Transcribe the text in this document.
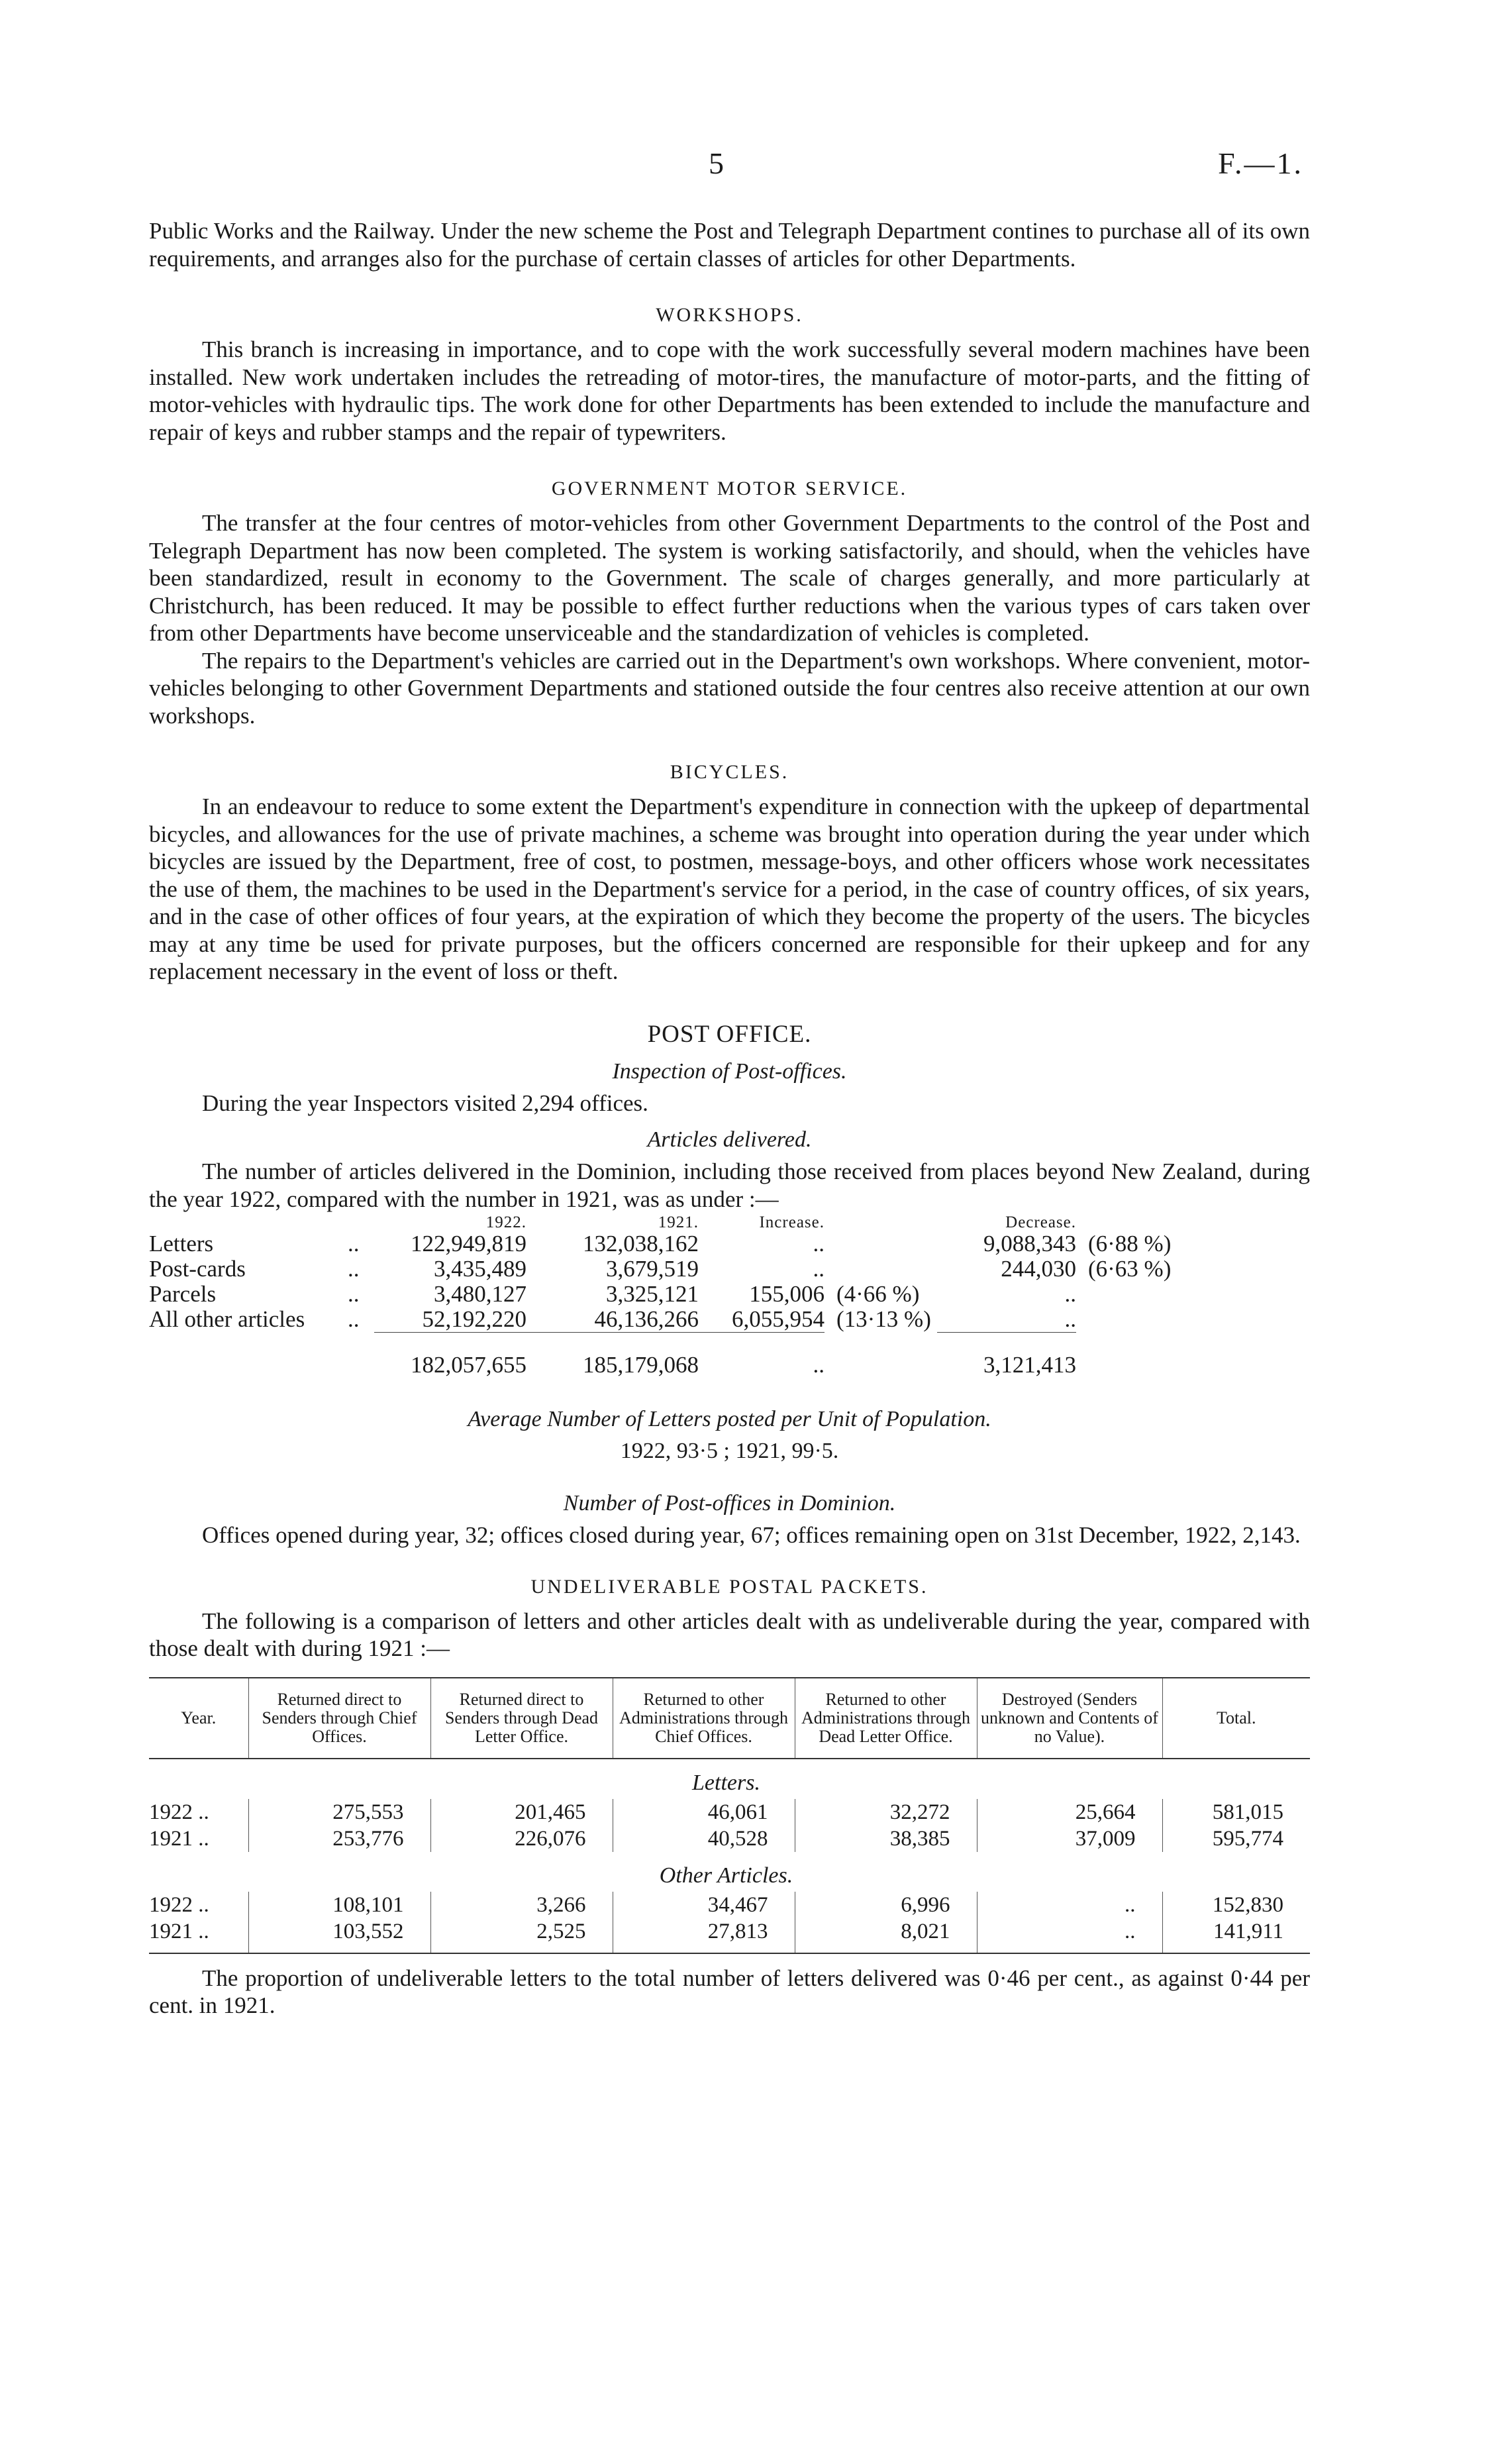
5	F.—1.

Public Works and the Railway. Under the new scheme the Post and Telegraph Department contines to purchase all of its own requirements, and arranges also for the purchase of certain classes of articles for other Departments.

WORKSHOPS.

This branch is increasing in importance, and to cope with the work successfully several modern machines have been installed. New work undertaken includes the retreading of motor-tires, the manufacture of motor-parts, and the fitting of motor-vehicles with hydraulic tips. The work done for other Departments has been extended to include the manufacture and repair of keys and rubber stamps and the repair of typewriters.

GOVERNMENT MOTOR SERVICE.

The transfer at the four centres of motor-vehicles from other Government Departments to the control of the Post and Telegraph Department has now been completed. The system is working satisfactorily, and should, when the vehicles have been standardized, result in economy to the Government. The scale of charges generally, and more particularly at Christchurch, has been reduced. It may be possible to effect further reductions when the various types of cars taken over from other Departments have become unserviceable and the standardization of vehicles is completed.

The repairs to the Department's vehicles are carried out in the Department's own workshops. Where convenient, motor-vehicles belonging to other Government Departments and stationed outside the four centres also receive attention at our own workshops.

BICYCLES.

In an endeavour to reduce to some extent the Department's expenditure in connection with the upkeep of departmental bicycles, and allowances for the use of private machines, a scheme was brought into operation during the year under which bicycles are issued by the Department, free of cost, to postmen, message-boys, and other officers whose work necessitates the use of them, the machines to be used in the Department's service for a period, in the case of country offices, of six years, and in the case of other offices of four years, at the expiration of which they become the property of the users. The bicycles may at any time be used for private purposes, but the officers concerned are responsible for their upkeep and for any replacement necessary in the event of loss or theft.

POST OFFICE.
Inspection of Post-offices.

During the year Inspectors visited 2,294 offices.

Articles delivered.

The number of articles delivered in the Dominion, including those received from places beyond New Zealand, during the year 1922, compared with the number in 1921, was as under :—

		1922.	1921.	Increase.		Decrease.	
Letters	..	122,949,819	132,038,162	..		9,088,343	(6·88 %)
Post-cards	..	3,435,489	3,679,519	..		244,030	(6·63 %)
Parcels	..	3,480,127	3,325,121	155,006	(4·66 %)	..	
All other articles	..	52,192,220	46,136,266	6,055,954	(13·13 %)	..	

		182,057,655	185,179,068	..		3,121,413	
Average Number of Letters posted per Unit of Population.
1922, 93·5 ; 1921, 99·5.
Number of Post-offices in Dominion.

Offices opened during year, 32; offices closed during year, 67; offices remaining open on 31st December, 1922, 2,143.

UNDELIVERABLE POSTAL PACKETS.

The following is a comparison of letters and other articles dealt with as undeliverable during the year, compared with those dealt with during 1921 :—

Year.	Returned direct to Senders through Chief Offices.	Returned direct to Senders through Dead Letter Office.	Returned to other Administrations through Chief Offices.	Returned to other Administrations through Dead Letter Office.	Destroyed (Senders unknown and Contents of no Value).	Total.
Letters.						
1922 ..	275,553	201,465	46,061	32,272	25,664	581,015
1921 ..	253,776	226,076	40,528	38,385	37,009	595,774
Other Articles.						
1922 ..	108,101	3,266	34,467	6,996	..	152,830
1921 ..	103,552	2,525	27,813	8,021	..	141,911

The proportion of undeliverable letters to the total number of letters delivered was 0·46 per cent., as against 0·44 per cent. in 1921.
